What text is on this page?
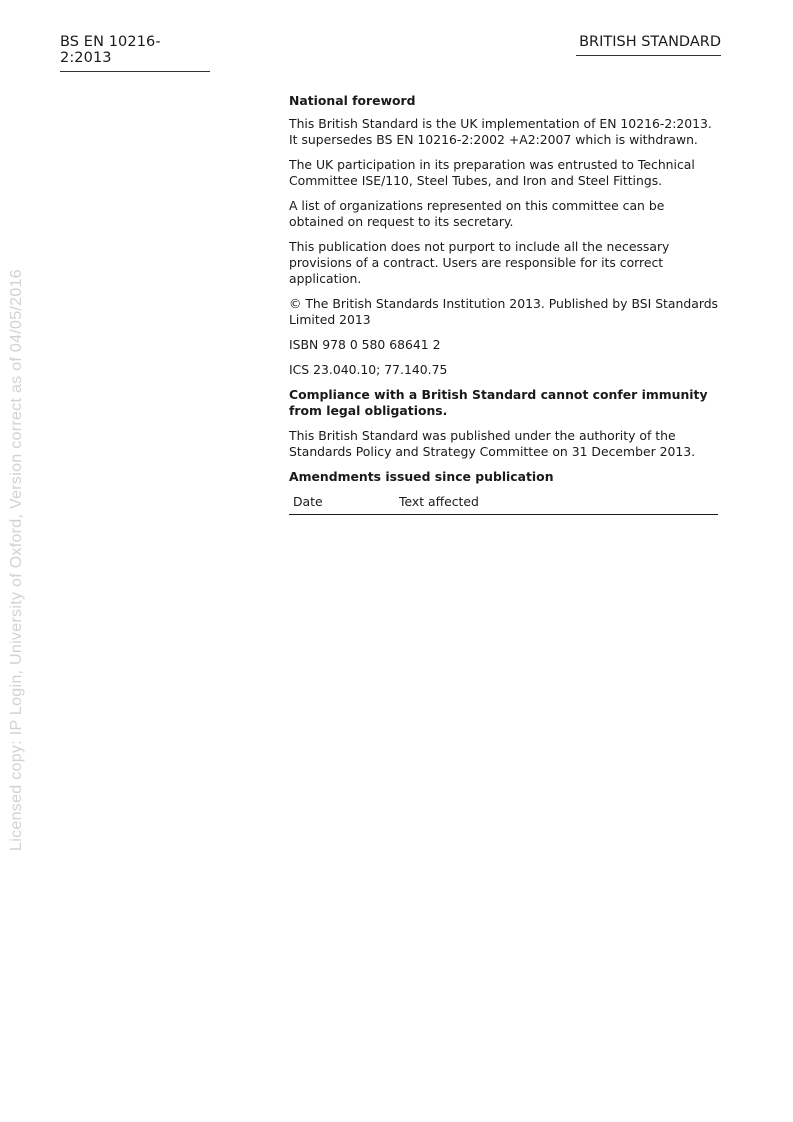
BS EN 10216-2:2013
BRITISH STANDARD
Licensed copy: IP Login, University of Oxford, Version correct as of 04/05/2016

National foreword

This British Standard is the UK implementation of EN 10216-2:2013. It supersedes BS EN 10216-2:2002 +A2:2007 which is withdrawn.

The UK participation in its preparation was entrusted to Technical Committee ISE/110, Steel Tubes, and Iron and Steel Fittings.

A list of organizations represented on this committee can be obtained on request to its secretary.

This publication does not purport to include all the necessary provisions of a contract. Users are responsible for its correct application.

© The British Standards Institution 2013. Published by BSI Standards Limited 2013

ISBN 978 0 580 68641 2

ICS 23.040.10; 77.140.75

Compliance with a British Standard cannot confer immunity from legal obligations.

This British Standard was published under the authority of the Standards Policy and Strategy Committee on 31 December 2013.

Amendments issued since publication

Date	Text affected
